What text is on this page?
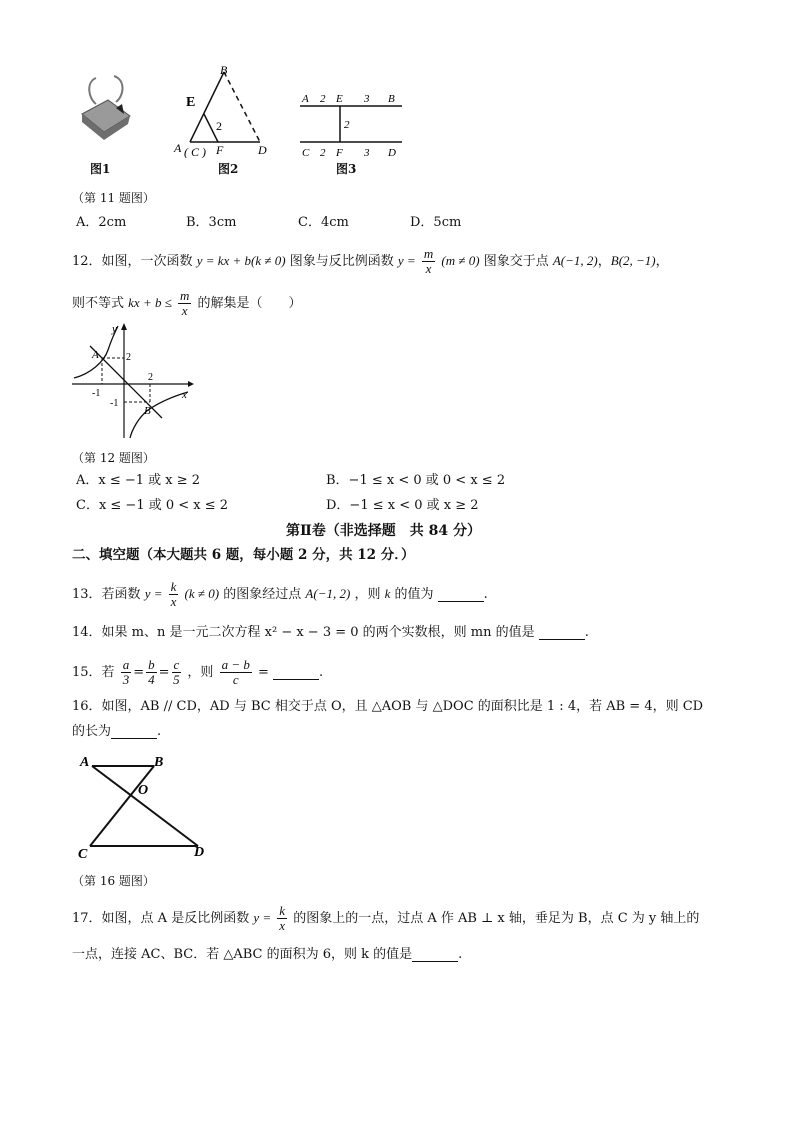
图1
B
E
A ( C ) F	D
2
图2
A 2 E 3 B
C 2 F 3 D
2
图3
（第 11 题图）
A．2cm	B．3cm	C．4cm	D．5cm
12．如图，一次函数 y = kx + b(k ≠ 0) 图象与反比例函数 $y = \frac{m}{x} (m \ne 0)$ 图象交于点 A(−1, 2)，B(2, −1)，
则不等式 kx + $b \le \frac{m}{x}$ 的解集是（　　）
y
x
A
B
2
2
-1
-1
（第 12 题图）
A．x ≤ −1 或 x ≥ 2	B．−1 ≤ x < 0 或 0 < x ≤ 2
C．x ≤ −1 或 0 < x ≤ 2	D．−1 ≤ x < 0 或 x ≥ 2
第Ⅱ卷（非选择题　共 84 分）
二、填空题（本大题共 6 题，每小题 2 分，共 12 分．）
13．若函数 $y = \frac{k}{x} (k \ne 0)$ 的图象经过点 A(−1, 2) ，则 k 的值为	.
14．如果 m、n 是一元二次方程 x² − x − 3 = 0 的两个实数根，则 mn 的值是	.
15．若 $\frac{a}{3} = \frac{b}{4} = \frac{c}{5}$ ，则 $\frac{a - b}{c}$ =	.
16．如图，AB // CD，AD 与 BC 相交于点 O，且 △AOB 与 △DOC 的面积比是 1 : 4，若 AB = 4，则 CD
的长为	.
A	B
O
C	D
（第 16 题图）
17．如图，点 A 是反比例函数 $y = \frac{k}{x}$ 的图象上的一点，过点 A 作 AB ⊥ x 轴，垂足为 B，点 C 为 y 轴上的
一点，连接 AC、BC．若 △ABC 的面积为 6，则 k 的值是	.
